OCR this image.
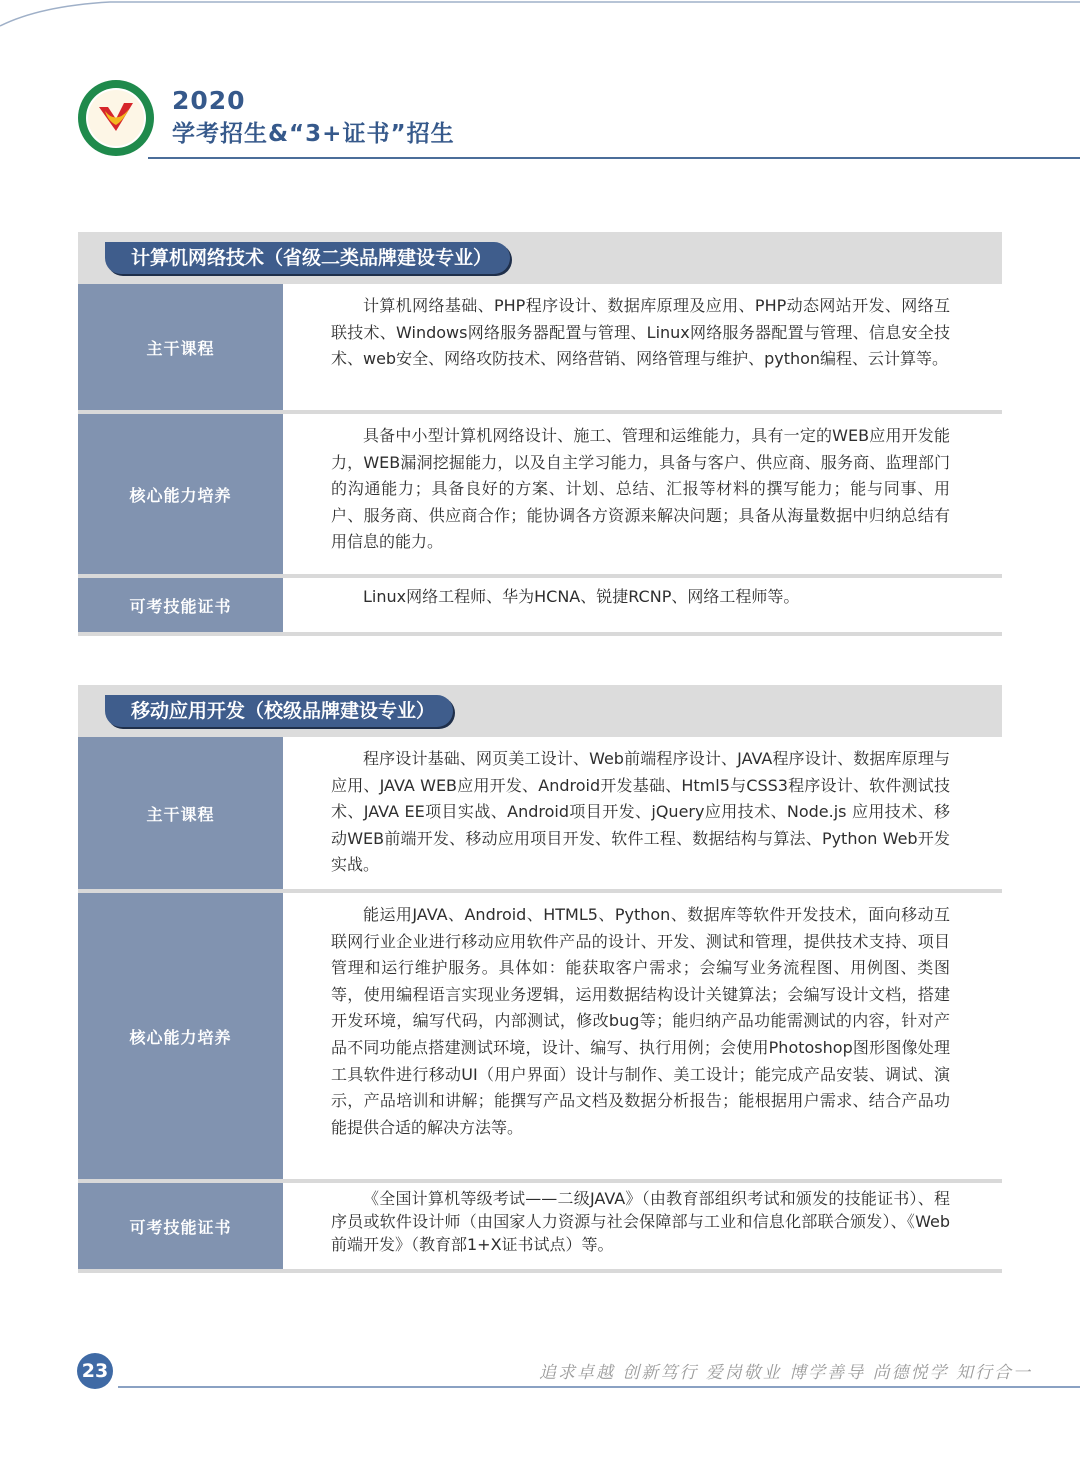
2020
学考招生&“3+证书”招生
计算机网络技术（省级二类品牌建设专业）
主干课程
计算机网络基础、PHP程序设计、数据库原理及应用、PHP动态网站开发、网络互联技术、Windows网络服务器配置与管理、Linux网络服务器配置与管理、信息安全技术、web安全、网络攻防技术、网络营销、网络管理与维护、python编程、云计算等。
核心能力培养
具备中小型计算机网络设计、施工、管理和运维能力，具有一定的WEB应用开发能力，WEB漏洞挖掘能力，以及自主学习能力，具备与客户、供应商、服务商、监理部门的沟通能力；具备良好的方案、计划、总结、汇报等材料的撰写能力；能与同事、用户、服务商、供应商合作；能协调各方资源来解决问题；具备从海量数据中归纳总结有用信息的能力。
可考技能证书	Linux网络工程师、华为HCNA、锐捷RCNP、网络工程师等。
移动应用开发（校级品牌建设专业）
主干课程
程序设计基础、网页美工设计、Web前端程序设计、JAVA程序设计、数据库原理与应用、JAVA WEB应用开发、Android开发基础、Html5与CSS3程序设计、软件测试技术、JAVA EE项目实战、Android项目开发、jQuery应用技术、Node.js 应用技术、移动WEB前端开发、移动应用项目开发、软件工程、数据结构与算法、Python Web开发实战。
核心能力培养
能运用JAVA、Android、HTML5、Python、数据库等软件开发技术，面向移动互联网行业企业进行移动应用软件产品的设计、开发、测试和管理，提供技术支持、项目管理和运行维护服务。具体如：能获取客户需求；会编写业务流程图、用例图、类图等，使用编程语言实现业务逻辑，运用数据结构设计关键算法；会编写设计文档，搭建开发环境，编写代码，内部测试，修改bug等；能归纳产品功能需测试的内容，针对产品不同功能点搭建测试环境，设计、编写、执行用例；会使用Photoshop图形图像处理工具软件进行移动UI（用户界面）设计与制作、美工设计；能完成产品安装、调试、演示，产品培训和讲解；能撰写产品文档及数据分析报告；能根据用户需求、结合产品功能提供合适的解决方法等。
可考技能证书
《全国计算机等级考试——二级JAVA》（由教育部组织考试和颁发的技能证书）、程序员或软件设计师（由国家人力资源与社会保障部与工业和信息化部联合颁发）、《Web前端开发》（教育部1+X证书试点）等。
23	追求卓越 创新笃行 爱岗敬业 博学善导 尚德悦学 知行合一
